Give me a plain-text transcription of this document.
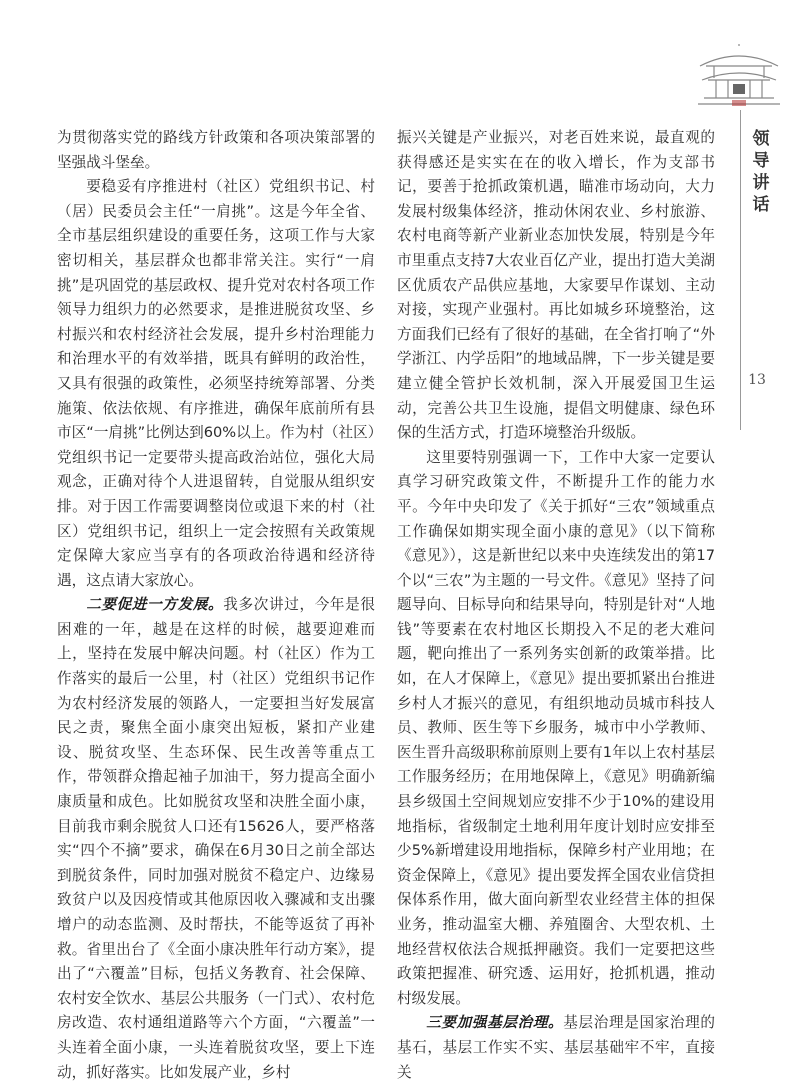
领导讲话
13

为贯彻落实党的路线方针政策和各项决策部署的坚强战斗堡垒。

要稳妥有序推进村（社区）党组织书记、村（居）民委员会主任“一肩挑”。这是今年全省、全市基层组织建设的重要任务，这项工作与大家密切相关，基层群众也都非常关注。实行“一肩挑”是巩固党的基层政权、提升党对农村各项工作领导力组织力的必然要求，是推进脱贫攻坚、乡村振兴和农村经济社会发展，提升乡村治理能力和治理水平的有效举措，既具有鲜明的政治性，又具有很强的政策性，必须坚持统筹部署、分类施策、依法依规、有序推进，确保年底前所有县市区“一肩挑”比例达到60%以上。作为村（社区）党组织书记一定要带头提高政治站位，强化大局观念，正确对待个人进退留转，自觉服从组织安排。对于因工作需要调整岗位或退下来的村（社区）党组织书记，组织上一定会按照有关政策规定保障大家应当享有的各项政治待遇和经济待遇，这点请大家放心。

二要促进一方发展。我多次讲过，今年是很困难的一年，越是在这样的时候，越要迎难而上，坚持在发展中解决问题。村（社区）作为工作落实的最后一公里，村（社区）党组织书记作为农村经济发展的领路人，一定要担当好发展富民之责，聚焦全面小康突出短板，紧扣产业建设、脱贫攻坚、生态环保、民生改善等重点工作，带领群众撸起袖子加油干，努力提高全面小康质量和成色。比如脱贫攻坚和决胜全面小康，目前我市剩余脱贫人口还有15626人，要严格落实“四个不摘”要求，确保在6月30日之前全部达到脱贫条件，同时加强对脱贫不稳定户、边缘易致贫户以及因疫情或其他原因收入骤减和支出骤增户的动态监测、及时帮扶，不能等返贫了再补救。省里出台了《全面小康决胜年行动方案》，提出了“六覆盖”目标，包括义务教育、社会保障、农村安全饮水、基层公共服务（一门式）、农村危房改造、农村通组道路等六个方面，“六覆盖”一头连着全面小康，一头连着脱贫攻坚，要上下连动，抓好落实。比如发展产业，乡村

振兴关键是产业振兴，对老百姓来说，最直观的获得感还是实实在在的收入增长，作为支部书记，要善于抢抓政策机遇，瞄准市场动向，大力发展村级集体经济，推动休闲农业、乡村旅游、农村电商等新产业新业态加快发展，特别是今年市里重点支持7大农业百亿产业，提出打造大美湖区优质农产品供应基地，大家要早作谋划、主动对接，实现产业强村。再比如城乡环境整治，这方面我们已经有了很好的基础，在全省打响了“外学浙江、内学岳阳”的地域品牌，下一步关键是要建立健全管护长效机制，深入开展爱国卫生运动，完善公共卫生设施，提倡文明健康、绿色环保的生活方式，打造环境整治升级版。

这里要特别强调一下，工作中大家一定要认真学习研究政策文件，不断提升工作的能力水平。今年中央印发了《关于抓好“三农”领域重点工作确保如期实现全面小康的意见》（以下简称《意见》），这是新世纪以来中央连续发出的第17个以“三农”为主题的一号文件。《意见》坚持了问题导向、目标导向和结果导向，特别是针对“人地钱”等要素在农村地区长期投入不足的老大难问题，靶向推出了一系列务实创新的政策举措。比如，在人才保障上，《意见》提出要抓紧出台推进乡村人才振兴的意见，有组织地动员城市科技人员、教师、医生等下乡服务，城市中小学教师、医生晋升高级职称前原则上要有1年以上农村基层工作服务经历；在用地保障上，《意见》明确新编县乡级国土空间规划应安排不少于10%的建设用地指标，省级制定土地利用年度计划时应安排至少5%新增建设用地指标，保障乡村产业用地；在资金保障上，《意见》提出要发挥全国农业信贷担保体系作用，做大面向新型农业经营主体的担保业务，推动温室大棚、养殖圈舍、大型农机、土地经营权依法合规抵押融资。我们一定要把这些政策把握准、研究透、运用好，抢抓机遇，推动村级发展。

三要加强基层治理。基层治理是国家治理的基石，基层工作实不实、基层基础牢不牢，直接关
